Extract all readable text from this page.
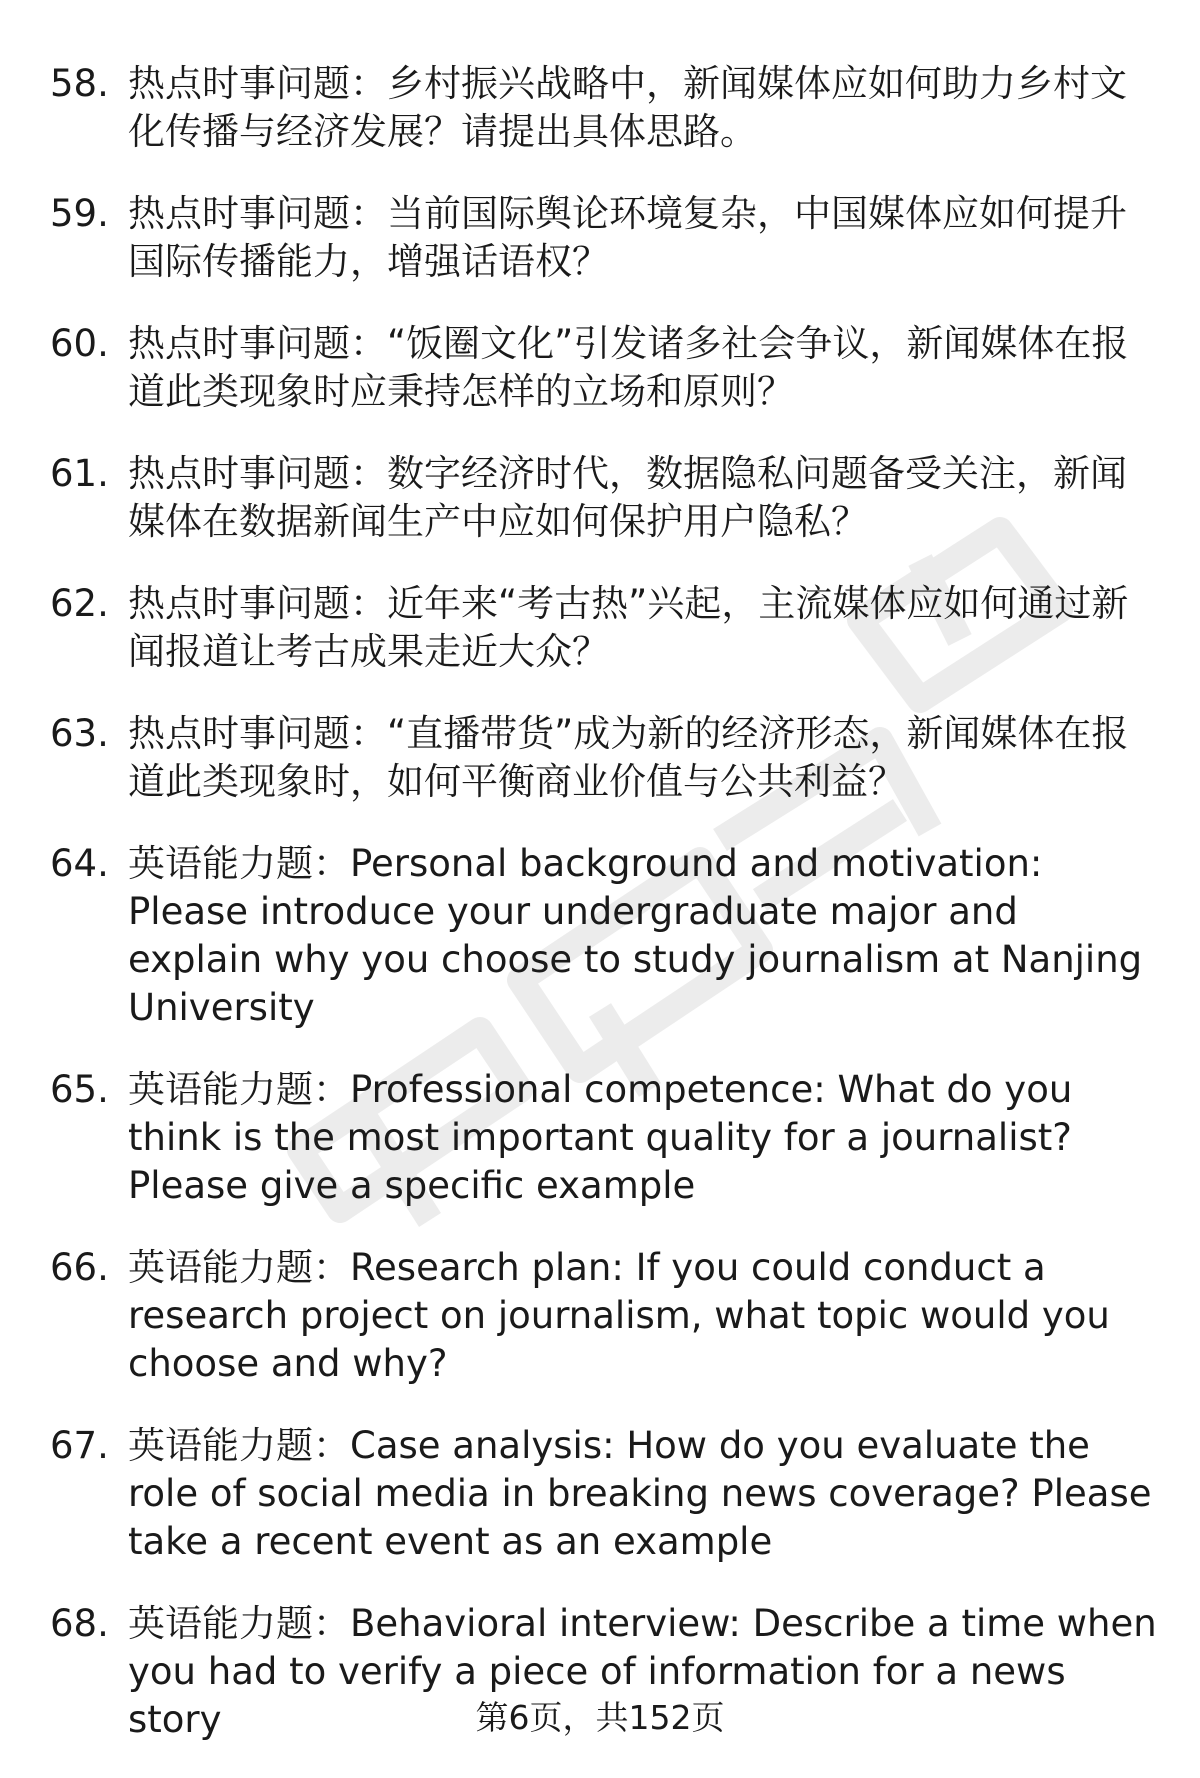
58. 热点时事问题：乡村振兴战略中，新闻媒体应如何助力乡村文化传播与经济发展？请提出具体思路。
59. 热点时事问题：当前国际舆论环境复杂，中国媒体应如何提升国际传播能力，增强话语权？
60. 热点时事问题：“饭圈文化”引发诸多社会争议，新闻媒体在报道此类现象时应秉持怎样的立场和原则？
61. 热点时事问题：数字经济时代，数据隐私问题备受关注，新闻媒体在数据新闻生产中应如何保护用户隐私？
62. 热点时事问题：近年来“考古热”兴起，主流媒体应如何通过新闻报道让考古成果走近大众？
63. 热点时事问题：“直播带货”成为新的经济形态，新闻媒体在报道此类现象时，如何平衡商业价值与公共利益？
64. 英语能力题：Personal background and motivation: Please introduce your undergraduate major and explain why you choose to study journalism at Nanjing University
65. 英语能力题：Professional competence: What do you think is the most important quality for a journalist? Please give a specific example
66. 英语能力题：Research plan: If you could conduct a research project on journalism, what topic would you choose and why?
67. 英语能力题：Case analysis: How do you evaluate the role of social media in breaking news coverage? Please take a recent event as an example
68. 英语能力题：Behavioral interview: Describe a time when you had to verify a piece of information for a news story	第6页，共152页
